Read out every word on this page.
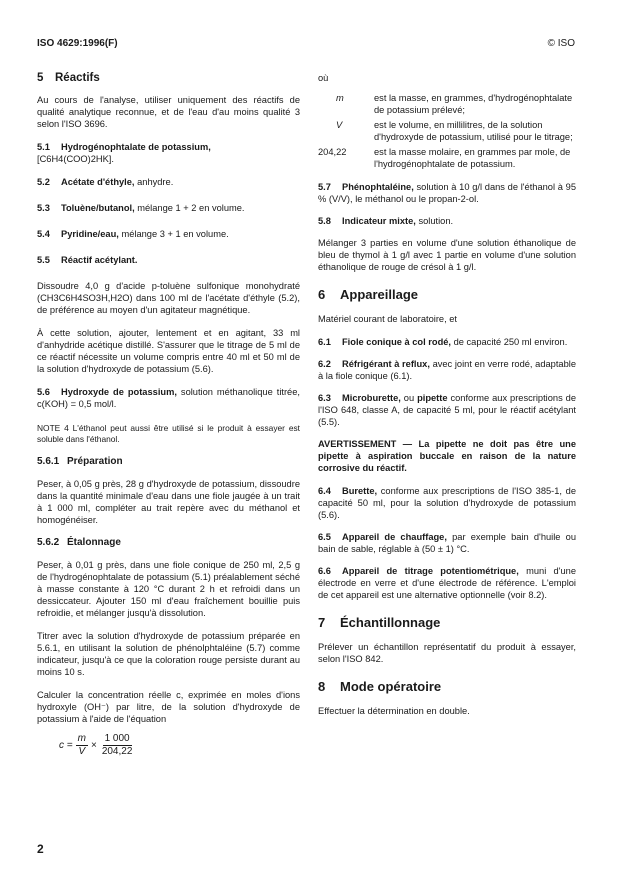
ISO 4629:1996(F)	© ISO
5 Réactifs

Au cours de l'analyse, utiliser uniquement des réactifs de qualité analytique reconnue, et de l'eau d'au moins qualité 3 selon l'ISO 3696.

5.1 Hydrogénophtalate de potassium,
[C6H4(COO)2HK].
5.2 Acétate d'éthyle, anhydre.
5.3 Toluène/butanol, mélange 1 + 2 en volume.
5.4 Pyridine/eau, mélange 3 + 1 en volume.
5.5 Réactif acétylant.

Dissoudre 4,0 g d'acide p-toluène sulfonique monohydraté (CH3C6H4SO3H,H2O) dans 100 ml de l'acétate d'éthyle (5.2), de préférence au moyen d'un agitateur magnétique.

À cette solution, ajouter, lentement et en agitant, 33 ml d'anhydride acétique distillé. S'assurer que le titrage de 5 ml de ce réactif nécessite un volume compris entre 40 ml et 50 ml de la solution d'hydroxyde de potassium (5.6).

5.6 Hydroxyde de potassium, solution méthanolique titrée, c(KOH) = 0,5 mol/l.

NOTE 4 L'éthanol peut aussi être utilisé si le produit à essayer est soluble dans l'éthanol.

5.6.1 Préparation

Peser, à 0,05 g près, 28 g d'hydroxyde de potassium, dissoudre dans la quantité minimale d'eau dans une fiole jaugée à un trait à 1 000 ml, compléter au trait repère avec du méthanol et homogénéiser.

5.6.2 Étalonnage

Peser, à 0,01 g près, dans une fiole conique de 250 ml, 2,5 g de l'hydrogénophtalate de potassium (5.1) préalablement séché à masse constante à 120 °C durant 2 h et refroidi dans un dessiccateur. Ajouter 150 ml d'eau fraîchement bouillie puis refroidie, et mélanger jusqu'à dissolution.

Titrer avec la solution d'hydroxyde de potassium préparée en 5.6.1, en utilisant la solution de phénolphtaléine (5.7) comme indicateur, jusqu'à ce que la coloration rouge persiste durant au moins 10 s.

Calculer la concentration réelle c, exprimée en moles d'ions hydroxyle (OH⁻) par litre, de la solution d'hydroxyde de potassium à l'aide de l'équation

$c = \frac{m}{V} \times \frac{1 000}{204,22}$

où

m	est la masse, en grammes, d'hydrogénophtalate de potassium prélevé;
V	est le volume, en millilitres, de la solution d'hydroxyde de potassium, utilisé pour le titrage;
204,22	est la masse molaire, en grammes par mole, de l'hydrogénophtalate de potassium.
5.7 Phénophtaléine, solution à 10 g/l dans de l'éthanol à 95 % (V/V), le méthanol ou le propan-2-ol.
5.8 Indicateur mixte, solution.

Mélanger 3 parties en volume d'une solution éthanolique de bleu de thymol à 1 g/l avec 1 partie en volume d'une solution éthanolique de rouge de crésol à 1 g/l.

6 Appareillage

Matériel courant de laboratoire, et

6.1 Fiole conique à col rodé, de capacité 250 ml environ.
6.2 Réfrigérant à reflux, avec joint en verre rodé, adaptable à la fiole conique (6.1).
6.3 Microburette, ou pipette conforme aux prescriptions de l'ISO 648, classe A, de capacité 5 ml, pour le réactif acétylant (5.5).

AVERTISSEMENT — La pipette ne doit pas être une pipette à aspiration buccale en raison de la nature corrosive du réactif.

6.4 Burette, conforme aux prescriptions de l'ISO 385-1, de capacité 50 ml, pour la solution d'hydroxyde de potassium (5.6).
6.5 Appareil de chauffage, par exemple bain d'huile ou bain de sable, réglable à (50 ± 1) °C.
6.6 Appareil de titrage potentiométrique, muni d'une électrode en verre et d'une électrode de référence. L'emploi de cet appareil est une alternative optionnelle (voir 8.2).
7 Échantillonnage

Prélever un échantillon représentatif du produit à essayer, selon l'ISO 842.

8 Mode opératoire

Effectuer la détermination en double.

2
